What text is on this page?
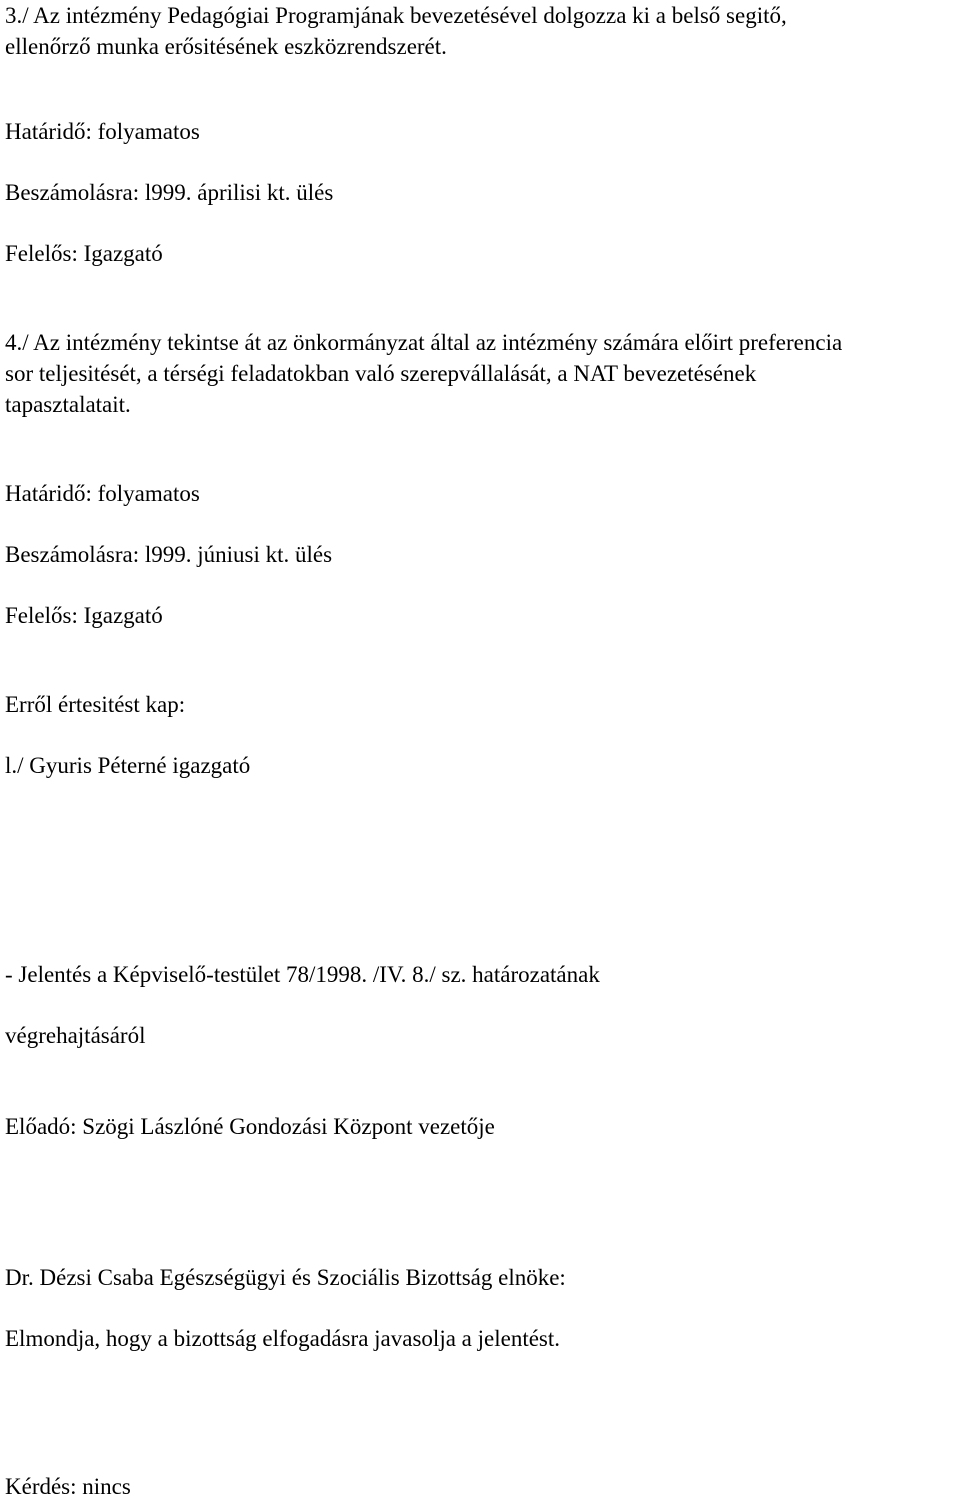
3./ Az intézmény Pedagógiai Programjának bevezetésével dolgozza ki a belső segitő,

ellenőrző munka erősitésének eszközrendszerét.

Határidő: folyamatos

Beszámolásra: l999. áprilisi kt. ülés

Felelős: Igazgató

4./ Az intézmény tekintse át az önkormányzat által az intézmény számára előirt preferencia

sor teljesitését, a térségi feladatokban való szerepvállalását, a NAT bevezetésének

tapasztalatait.

Határidő: folyamatos

Beszámolásra: l999. júniusi kt. ülés

Felelős: Igazgató

Erről értesitést kap:

l./ Gyuris Péterné igazgató

- Jelentés a Képviselő-testület 78/1998. /IV. 8./ sz. határozatának

végrehajtásáról

Előadó: Szögi Lászlóné Gondozási Központ vezetője

Dr. Dézsi Csaba Egészségügyi és Szociális Bizottság elnöke:

Elmondja, hogy a bizottság elfogadásra javasolja a jelentést.

Kérdés: nincs
